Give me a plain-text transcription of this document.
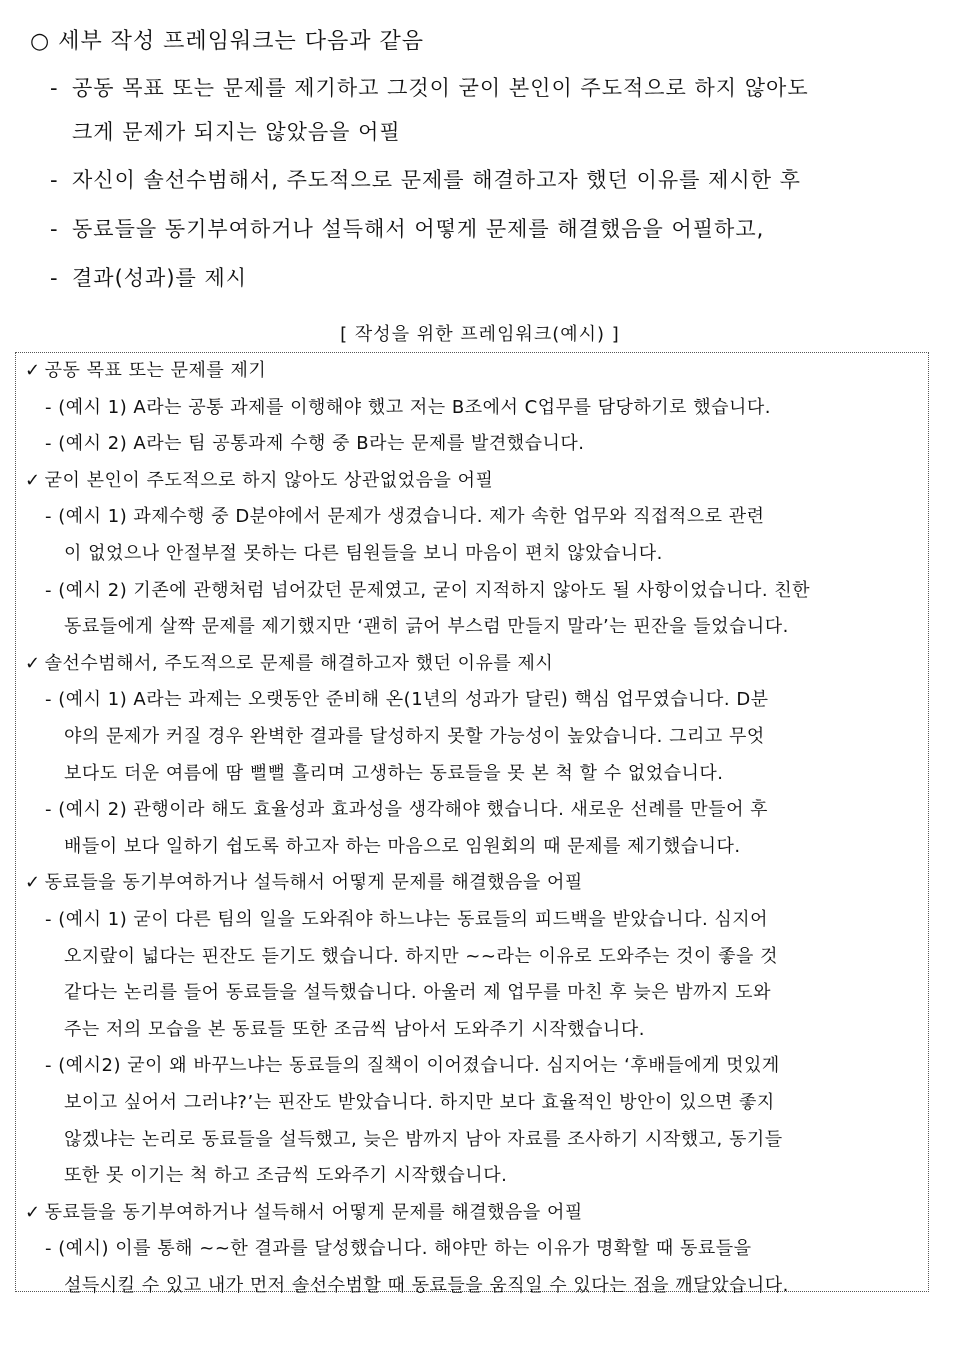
○ 세부 작성 프레임워크는 다음과 같음
- 공동 목표 또는 문제를 제기하고 그것이 굳이 본인이 주도적으로 하지 않아도
크게 문제가 되지는 않았음을 어필
- 자신이 솔선수범해서, 주도적으로 문제를 해결하고자 했던 이유를 제시한 후
- 동료들을 동기부여하거나 설득해서 어떻게 문제를 해결했음을 어필하고,
- 결과(성과)를 제시
[ 작성을 위한 프레임워크(예시) ]
✓ 공동 목표 또는 문제를 제기
- (예시 1) A라는 공통 과제를 이행해야 했고 저는 B조에서 C업무를 담당하기로 했습니다.
- (예시 2) A라는 팀 공통과제 수행 중 B라는 문제를 발견했습니다.
✓ 굳이 본인이 주도적으로 하지 않아도 상관없었음을 어필
- (예시 1) 과제수행 중 D분야에서 문제가 생겼습니다. 제가 속한 업무와 직접적으로 관련
이 없었으나 안절부절 못하는 다른 팀원들을 보니 마음이 편치 않았습니다.
- (예시 2) 기존에 관행처럼 넘어갔던 문제였고, 굳이 지적하지 않아도 될 사항이었습니다. 친한
동료들에게 살짝 문제를 제기했지만 ‘괜히 긁어 부스럼 만들지 말라’는 핀잔을 들었습니다.
✓ 솔선수범해서, 주도적으로 문제를 해결하고자 했던 이유를 제시
- (예시 1) A라는 과제는 오랫동안 준비해 온(1년의 성과가 달린) 핵심 업무였습니다. D분
야의 문제가 커질 경우 완벽한 결과를 달성하지 못할 가능성이 높았습니다. 그리고 무엇
보다도 더운 여름에 땀 뻘뻘 흘리며 고생하는 동료들을 못 본 척 할 수 없었습니다.
- (예시 2) 관행이라 해도 효율성과 효과성을 생각해야 했습니다. 새로운 선례를 만들어 후
배들이 보다 일하기 쉽도록 하고자 하는 마음으로 임원회의 때 문제를 제기했습니다.
✓ 동료들을 동기부여하거나 설득해서 어떻게 문제를 해결했음을 어필
- (예시 1) 굳이 다른 팀의 일을 도와줘야 하느냐는 동료들의 피드백을 받았습니다. 심지어
오지랖이 넓다는 핀잔도 듣기도 했습니다. 하지만 ~~라는 이유로 도와주는 것이 좋을 것
같다는 논리를 들어 동료들을 설득했습니다. 아울러 제 업무를 마친 후 늦은 밤까지 도와
주는 저의 모습을 본 동료들 또한 조금씩 남아서 도와주기 시작했습니다.
- (예시2) 굳이 왜 바꾸느냐는 동료들의 질책이 이어졌습니다. 심지어는 ‘후배들에게 멋있게
보이고 싶어서 그러냐?’는 핀잔도 받았습니다. 하지만 보다 효율적인 방안이 있으면 좋지
않겠냐는 논리로 동료들을 설득했고, 늦은 밤까지 남아 자료를 조사하기 시작했고, 동기들
또한 못 이기는 척 하고 조금씩 도와주기 시작했습니다.
✓ 동료들을 동기부여하거나 설득해서 어떻게 문제를 해결했음을 어필
- (예시) 이를 통해 ~~한 결과를 달성했습니다. 해야만 하는 이유가 명확할 때 동료들을
설득시킬 수 있고 내가 먼저 솔선수범할 때 동료들을 움직일 수 있다는 점을 깨달았습니다.
